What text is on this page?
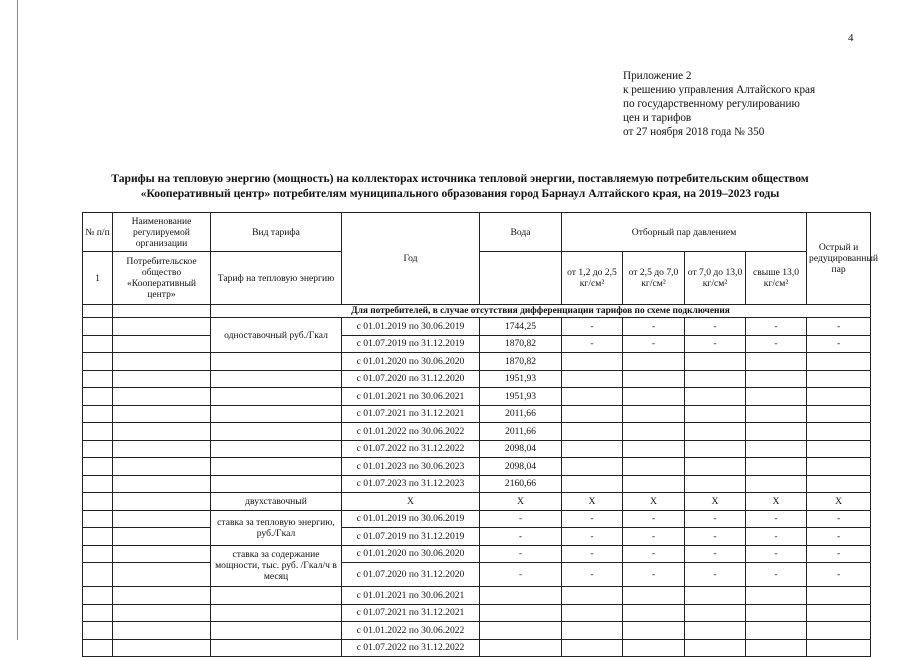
4
Приложение 2
к решению управления Алтайского края
по государственному регулированию
цен и тарифов
от 27 ноября 2018 года № 350
Тарифы на тепловую энергию (мощность) на коллекторах источника тепловой энергии, поставляемую потребительским обществом
«Кооперативный центр» потребителям муниципального образования город Барнаул Алтайского края, на 2019–2023 годы
№ п/п	Наименование регулируемой организации	Вид тарифа	Год	Вода	Отборный пар давлением				Острый и редуцированный пар
1	Потребительское общество «Кооперативный центр»	Тариф на тепловую энергию			от 1,2 до 2,5 кг/см²	от 2,5 до 7,0 кг/см²	от 7,0 до 13,0 кг/см²	свыше 13,0 кг/см²	
		Для потребителей, в случае отсутствия дифференциации тарифов по схеме подключения							
		одноставочный руб./Гкал	с 01.01.2019 по 30.06.2019	1744,25	-	-	-	-	-
			с 01.07.2019 по 31.12.2019	1870,82	-	-	-	-	-
			с 01.01.2020 по 30.06.2020	1870,82					
			с 01.07.2020 по 31.12.2020	1951,93					
			с 01.01.2021 по 30.06.2021	1951,93					
			с 01.07.2021 по 31.12.2021	2011,66					
			с 01.01.2022 по 30.06.2022	2011,66					
			с 01.07.2022 по 31.12.2022	2098,04					
			с 01.01.2023 по 30.06.2023	2098,04					
			с 01.07.2023 по 31.12.2023	2160,66					
		двухставочный	X	X	X	X	X	X	X
		ставка за тепловую энергию, руб./Гкал	с 01.01.2019 по 30.06.2019	-	-	-	-	-	-
			с 01.07.2019 по 31.12.2019	-	-	-	-	-	-
		ставка за содержание мощности, тыс. руб. /Гкал/ч в месяц	с 01.01.2020 по 30.06.2020	-	-	-	-	-	-
			с 01.07.2020 по 31.12.2020	-	-	-	-	-	-
			с 01.01.2021 по 30.06.2021						
			с 01.07.2021 по 31.12.2021						
			с 01.01.2022 по 30.06.2022						
			с 01.07.2022 по 31.12.2022						
